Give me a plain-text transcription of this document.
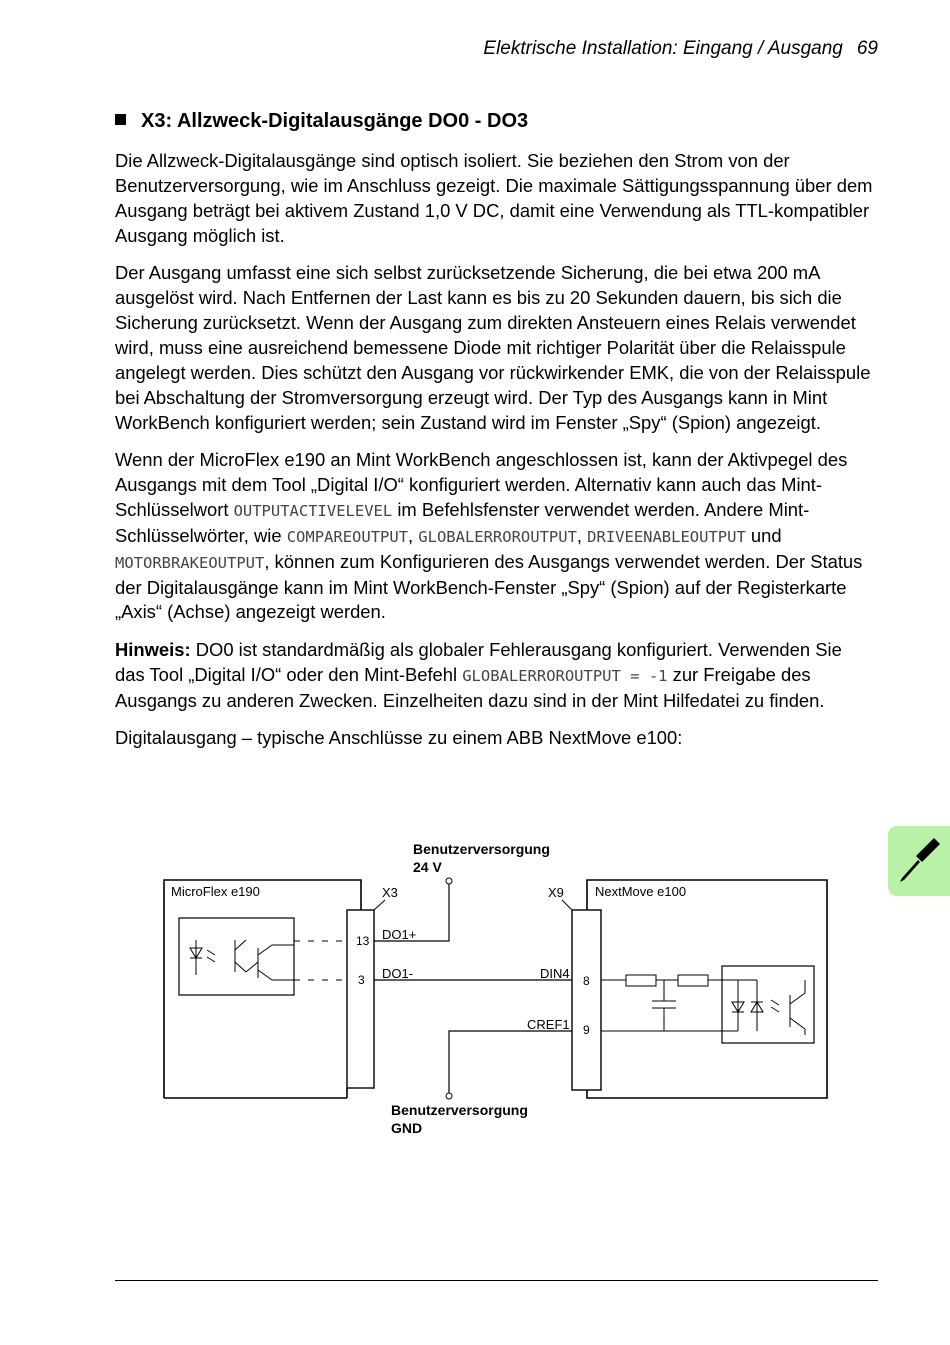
Elektrische Installation: Eingang / Ausgang 69
X3: Allzweck-Digitalausgänge DO0 - DO3

Die Allzweck-Digitalausgänge sind optisch isoliert. Sie beziehen den Strom von der Benutzerversorgung, wie im Anschluss gezeigt. Die maximale Sättigungsspannung über dem Ausgang beträgt bei aktivem Zustand 1,0 V DC, damit eine Verwendung als TTL-kompatibler Ausgang möglich ist.

Der Ausgang umfasst eine sich selbst zurücksetzende Sicherung, die bei etwa 200 mA ausgelöst wird. Nach Entfernen der Last kann es bis zu 20 Sekunden dauern, bis sich die Sicherung zurücksetzt. Wenn der Ausgang zum direkten Ansteuern eines Relais verwendet wird, muss eine ausreichend bemessene Diode mit richtiger Polarität über die Relaisspule angelegt werden. Dies schützt den Ausgang vor rückwirkender EMK, die von der Relaisspule bei Abschaltung der Stromversorgung erzeugt wird. Der Typ des Ausgangs kann in Mint WorkBench konfiguriert werden; sein Zustand wird im Fenster „Spy“ (Spion) angezeigt.

Wenn der MicroFlex e190 an Mint WorkBench angeschlossen ist, kann der Aktivpegel des Ausgangs mit dem Tool „Digital I/O“ konfiguriert werden. Alternativ kann auch das Mint-Schlüsselwort OUTPUTACTIVELEVEL im Befehlsfenster verwendet werden. Andere Mint-Schlüsselwörter, wie COMPAREOUTPUT, GLOBALERROROUTPUT, DRIVEENABLEOUTPUT und MOTORBRAKEOUTPUT, können zum Konfigurieren des Ausgangs verwendet werden. Der Status der Digitalausgänge kann im Mint WorkBench-Fenster „Spy“ (Spion) auf der Registerkarte „Axis“ (Achse) angezeigt werden.

Hinweis: DO0 ist standardmäßig als globaler Fehlerausgang konfiguriert. Verwenden Sie das Tool „Digital I/O“ oder den Mint-Befehl GLOBALERROROUTPUT = -1 zur Freigabe des Ausgangs zu anderen Zwecken. Einzelheiten dazu sind in der Mint Hilfedatei zu finden.

Digitalausgang – typische Anschlüsse zu einem ABB NextMove e100:

Benutzerversorgung
24 V
Benutzerversorgung
GND
MicroFlex e190	X3
13
3
DO1+
DO1-	DIN4
CREF1
X9
8
9
NextMove e100
